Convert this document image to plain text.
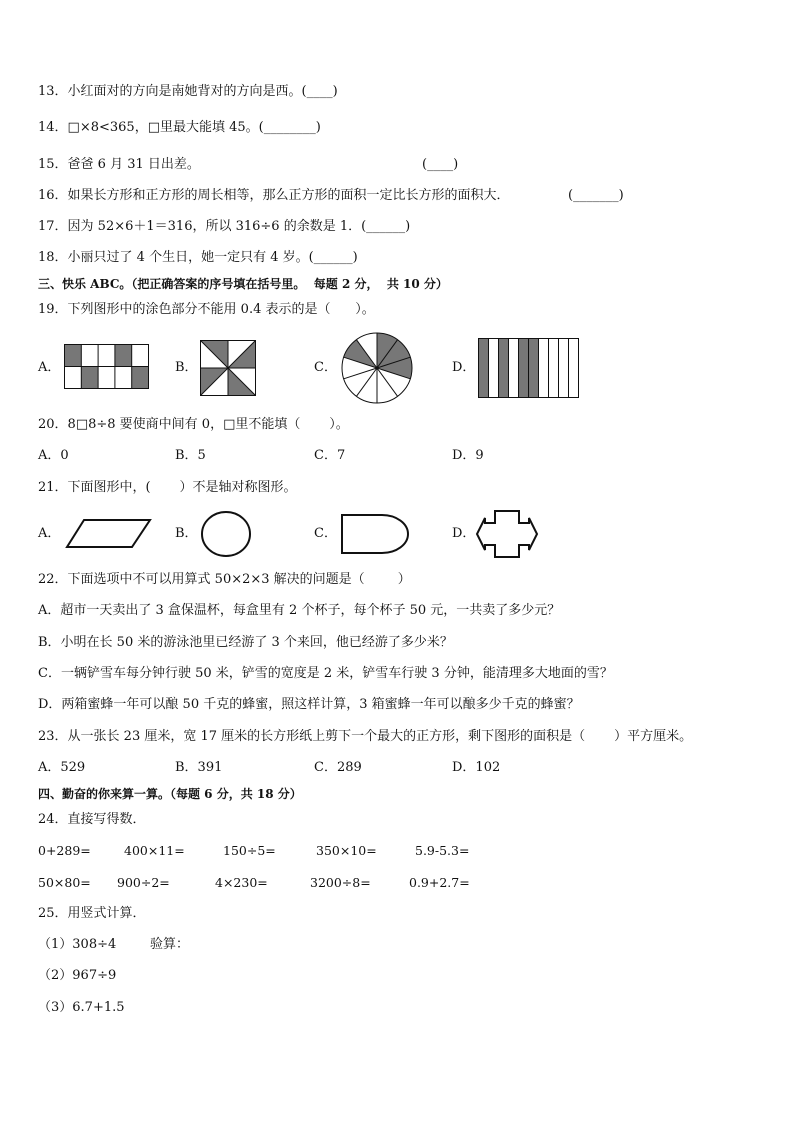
13．小红面对的方向是南她背对的方向是西。(____)
14．□×8<365，□里最大能填 45。(________)
15．爸爸 6 月 31 日出差。	(____)
16．如果长方形和正方形的周长相等，那么正方形的面积一定比长方形的面积大．	(_______)
17．因为 52×6＋1＝316，所以 316÷6 的余数是 1．(______)
18．小丽只过了 4 个生日，她一定只有 4 岁。(______)
三、快乐 ABC。（把正确答案的序号填在括号里。  每题 2 分，  共 10 分）
19．下列图形中的涂色部分不能用 0.4 表示的是（      ）。
A．	B．	C．	D．
20．8□8÷8 要使商中间有 0，□里不能填（       ）。
A．0	B．5	C．7	D．9
21．下面图形中，(       ）不是轴对称图形。
A．	B．	C．	D．
22．下面选项中不可以用算式 50×2×3 解决的问题是（        ）
A．超市一天卖出了 3 盒保温杯，每盒里有 2 个杯子，每个杯子 50 元，一共卖了多少元？
B．小明在长 50 米的游泳池里已经游了 3 个来回，他已经游了多少米？
C．一辆铲雪车每分钟行驶 50 米，铲雪的宽度是 2 米，铲雪车行驶 3 分钟，能清理多大地面的雪？
D．两箱蜜蜂一年可以酿 50 千克的蜂蜜，照这样计算，3 箱蜜蜂一年可以酿多少千克的蜂蜜？
23．从一张长 23 厘米，宽 17 厘米的长方形纸上剪下一个最大的正方形，剩下图形的面积是（       ）平方厘米。
A．529	B．391	C．289	D．102
四、勤奋的你来算一算。（每题 6 分，共 18 分）
24．直接写得数．
0+289=	400×11=	150÷5=	350×10=	5.9-5.3=
50×80= 900÷2=	4×230=	3200÷8=	0.9+2.7=
25．用竖式计算．
（1）308÷4	验算：
（2）967÷9
（3）6.7+1.5
